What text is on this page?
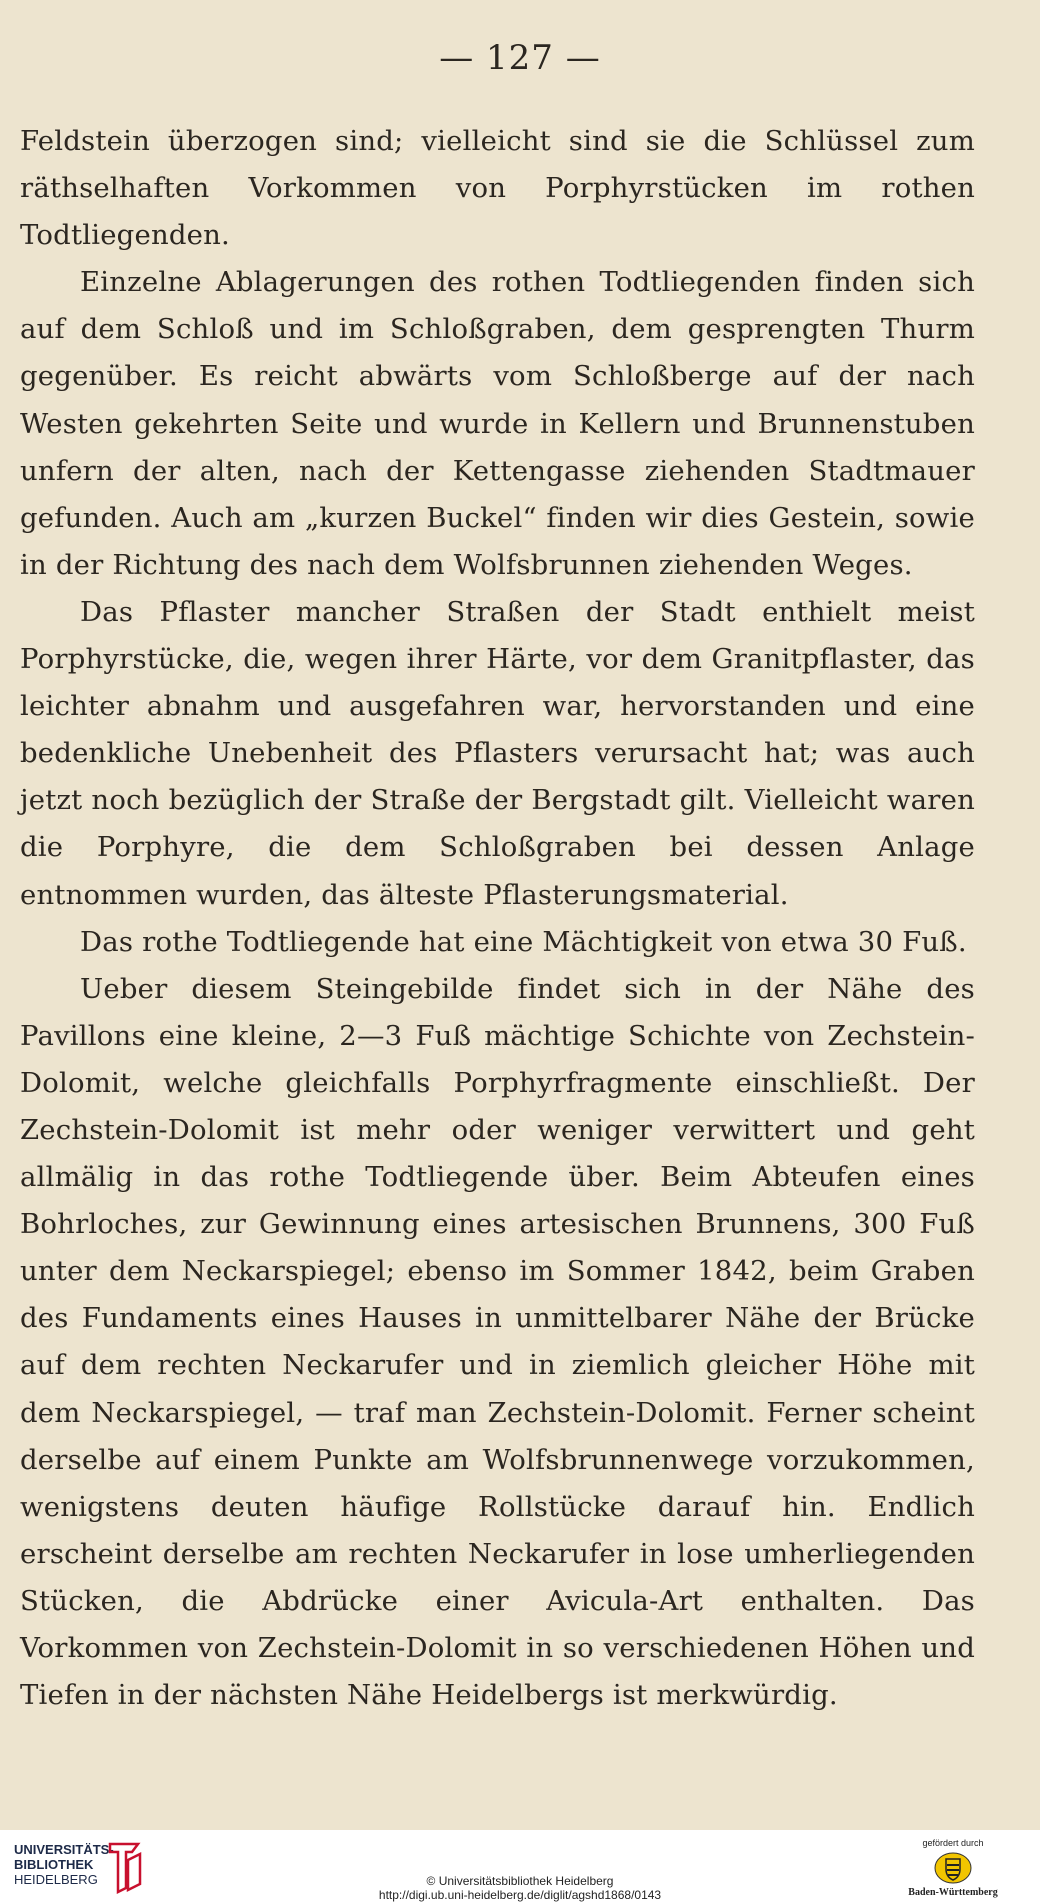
— 127 —

Feldstein überzogen sind; vielleicht sind sie die Schlüssel zum räthselhaften Vorkommen von Porphyrstücken im rothen Todtliegenden.

Einzelne Ablagerungen des rothen Todtliegenden finden sich auf dem Schloß und im Schloßgraben, dem gesprengten Thurm gegenüber. Es reicht abwärts vom Schloßberge auf der nach Westen gekehrten Seite und wurde in Kellern und Brunnenstuben unfern der alten, nach der Kettengasse ziehenden Stadtmauer gefunden. Auch am „kurzen Buckel“ finden wir dies Gestein, sowie in der Richtung des nach dem Wolfsbrunnen ziehenden Weges.

Das Pflaster mancher Straßen der Stadt enthielt meist Porphyrstücke, die, wegen ihrer Härte, vor dem Granitpflaster, das leichter abnahm und ausgefahren war, hervorstanden und eine bedenkliche Unebenheit des Pflasters verursacht hat; was auch jetzt noch bezüglich der Straße der Bergstadt gilt. Vielleicht waren die Porphyre, die dem Schloßgraben bei dessen Anlage entnommen wurden, das älteste Pflasterungsmaterial.

Das rothe Todtliegende hat eine Mächtigkeit von etwa 30 Fuß.

Ueber diesem Steingebilde findet sich in der Nähe des Pavillons eine kleine, 2—3 Fuß mächtige Schichte von Zechstein-Dolomit, welche gleichfalls Porphyrfragmente einschließt. Der Zechstein-Dolomit ist mehr oder weniger verwittert und geht allmälig in das rothe Todtliegende über. Beim Abteufen eines Bohrloches, zur Gewinnung eines artesischen Brunnens, 300 Fuß unter dem Neckarspiegel; ebenso im Sommer 1842, beim Graben des Fundaments eines Hauses in unmittelbarer Nähe der Brücke auf dem rechten Neckarufer und in ziemlich gleicher Höhe mit dem Neckarspiegel, — traf man Zechstein-Dolomit. Ferner scheint derselbe auf einem Punkte am Wolfsbrunnenwege vorzukommen, wenigstens deuten häufige Rollstücke darauf hin. Endlich erscheint derselbe am rechten Neckarufer in lose umherliegenden Stücken, die Abdrücke einer Avicula-Art enthalten. Das Vorkommen von Zechstein-Dolomit in so verschiedenen Höhen und Tiefen in der nächsten Nähe Heidelbergs ist merkwürdig.

UNIVERSITÄTS-
BIBLIOTHEK
HEIDELBERG	© Universitätsbibliothek Heidelberg
http://digi.ub.uni-heidelberg.de/diglit/agshd1868/0143
gefördert durch
Baden-Württemberg
